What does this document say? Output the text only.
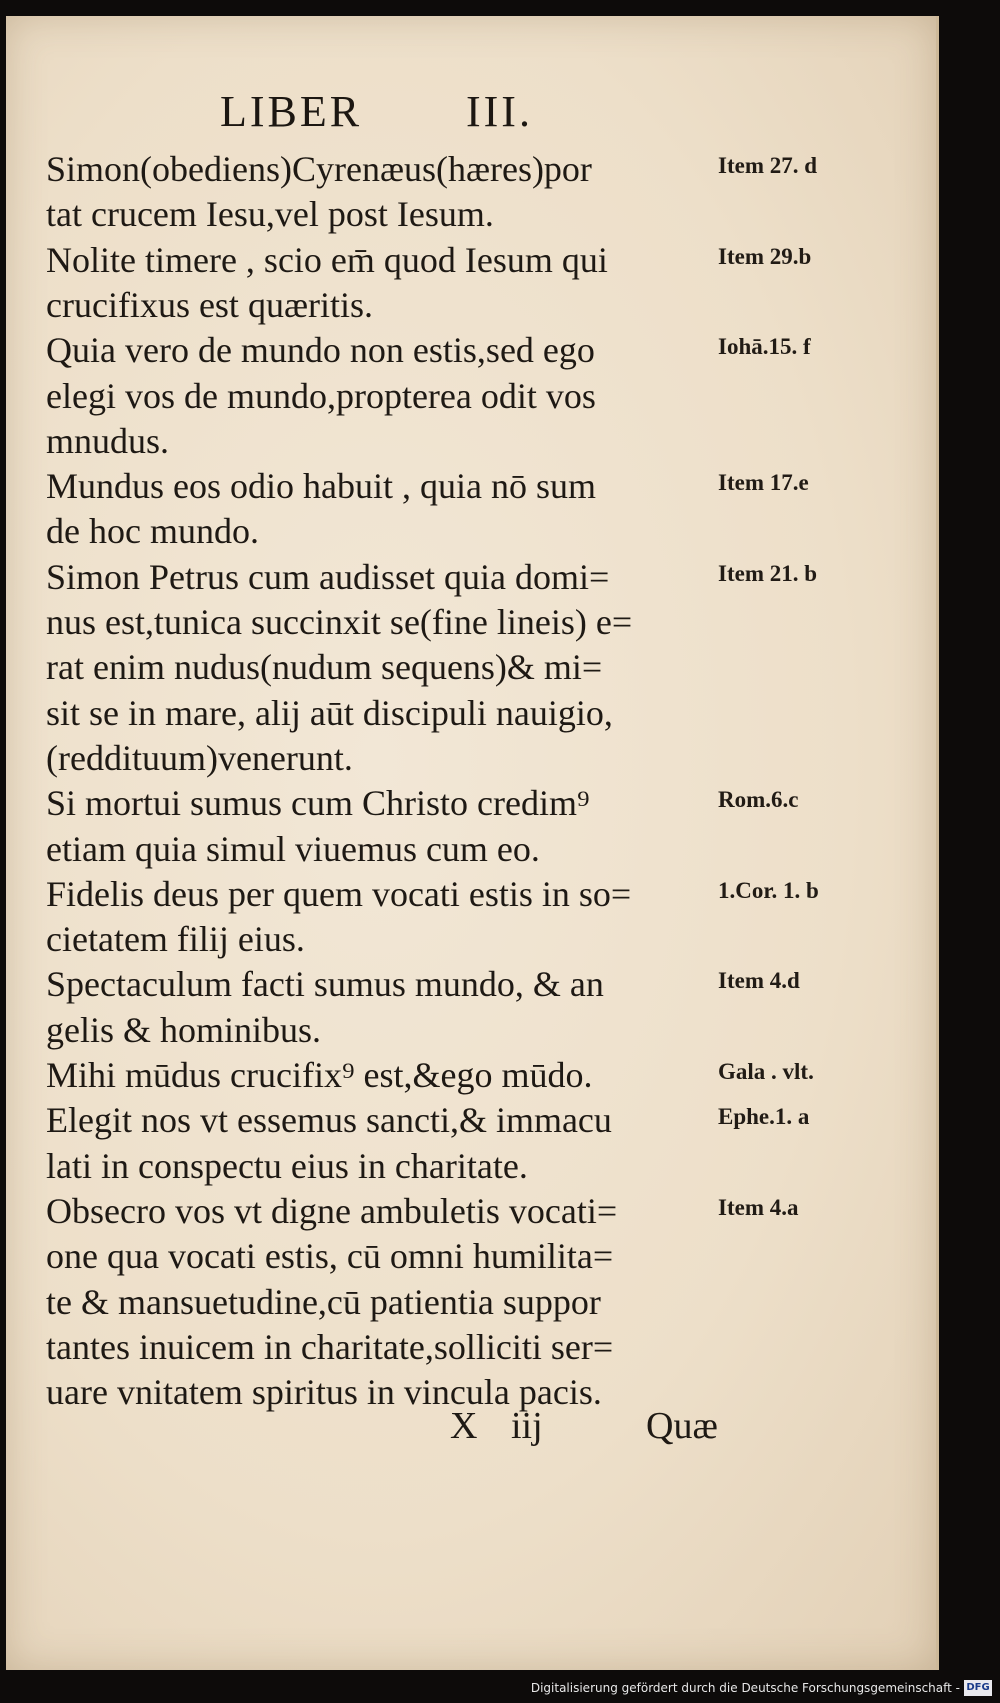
LIBER III.
Simon(obediens)Cyrenæus(hæres)por	Item 27. d
tat crucem Iesu,vel post Iesum.
Nolite timere , scio em̄ quod Iesum qui	Item 29.b
crucifixus est quæritis.
Quia vero de mundo non estis,sed ego	Iohā.15. f
elegi vos de mundo,propterea odit vos
mnudus.
Mundus eos odio habuit , quia nō sum	Item 17.e
de hoc mundo.
Simon Petrus cum audisset quia domi=	Item 21. b
nus est,tunica succinxit se(fine lineis) e=
rat enim nudus(nudum sequens)& mi=
sit se in mare, alij aūt discipuli nauigio,
(reddituum)venerunt.
Si mortui sumus cum Christo credim⁹	Rom.6.c
etiam quia simul viuemus cum eo.
Fidelis deus per quem vocati estis in so=	1.Cor. 1. b
cietatem filij eius.
Spectaculum facti sumus mundo, & an	Item 4.d
gelis & hominibus.
Mihi mūdus crucifix⁹ est,&ego mūdo.	Gala . vlt.
Elegit nos vt essemus sancti,& immacu	Ephe.1. a
lati in conspectu eius in charitate.
Obsecro vos vt digne ambuletis vocati=	Item 4.a
one qua vocati estis, cū omni humilita=
te & mansuetudine,cū patientia suppor
tantes inuicem in charitate,solliciti ser=
uare vnitatem spiritus in vincula pacis.
X iij	Quæ
Digitalisierung gefördert durch die Deutsche Forschungsgemeinschaft - DFG
